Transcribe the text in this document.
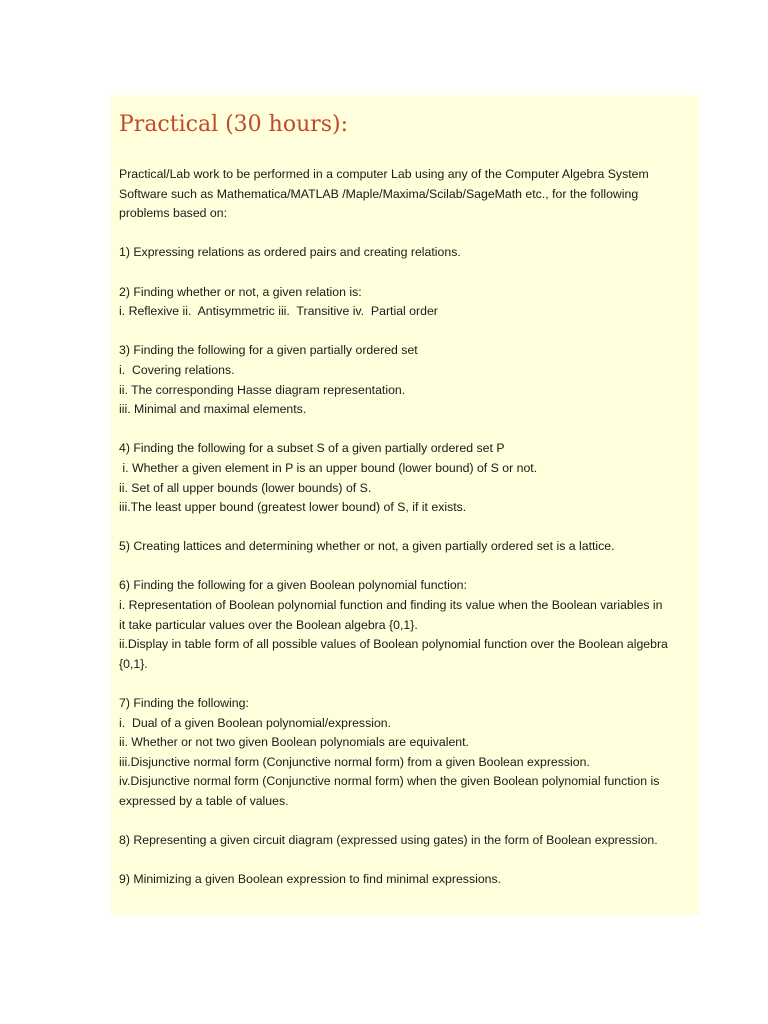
Practical (30 hours):
Practical/Lab work to be performed in a computer Lab using any of the Computer Algebra System
Software such as Mathematica/MATLAB /Maple/Maxima/Scilab/SageMath etc., for the following
problems based on:
1) Expressing relations as ordered pairs and creating relations.
2) Finding whether or not, a given relation is:
i. Reflexive ii.  Antisymmetric iii.  Transitive iv.  Partial order
3) Finding the following for a given partially ordered set
i.  Covering relations.
ii. The corresponding Hasse diagram representation.
iii. Minimal and maximal elements.
4) Finding the following for a subset S of a given partially ordered set P
i. Whether a given element in P is an upper bound (lower bound) of S or not.
ii. Set of all upper bounds (lower bounds) of S.
iii.The least upper bound (greatest lower bound) of S, if it exists.
5) Creating lattices and determining whether or not, a given partially ordered set is a lattice.
6) Finding the following for a given Boolean polynomial function:
i. Representation of Boolean polynomial function and finding its value when the Boolean variables in
it take particular values over the Boolean algebra {0,1}.
ii.Display in table form of all possible values of Boolean polynomial function over the Boolean algebra
{0,1}.
7) Finding the following:
i.  Dual of a given Boolean polynomial/expression.
ii. Whether or not two given Boolean polynomials are equivalent.
iii.Disjunctive normal form (Conjunctive normal form) from a given Boolean expression.
iv.Disjunctive normal form (Conjunctive normal form) when the given Boolean polynomial function is
expressed by a table of values.
8) Representing a given circuit diagram (expressed using gates) in the form of Boolean expression.
9) Minimizing a given Boolean expression to find minimal expressions.
